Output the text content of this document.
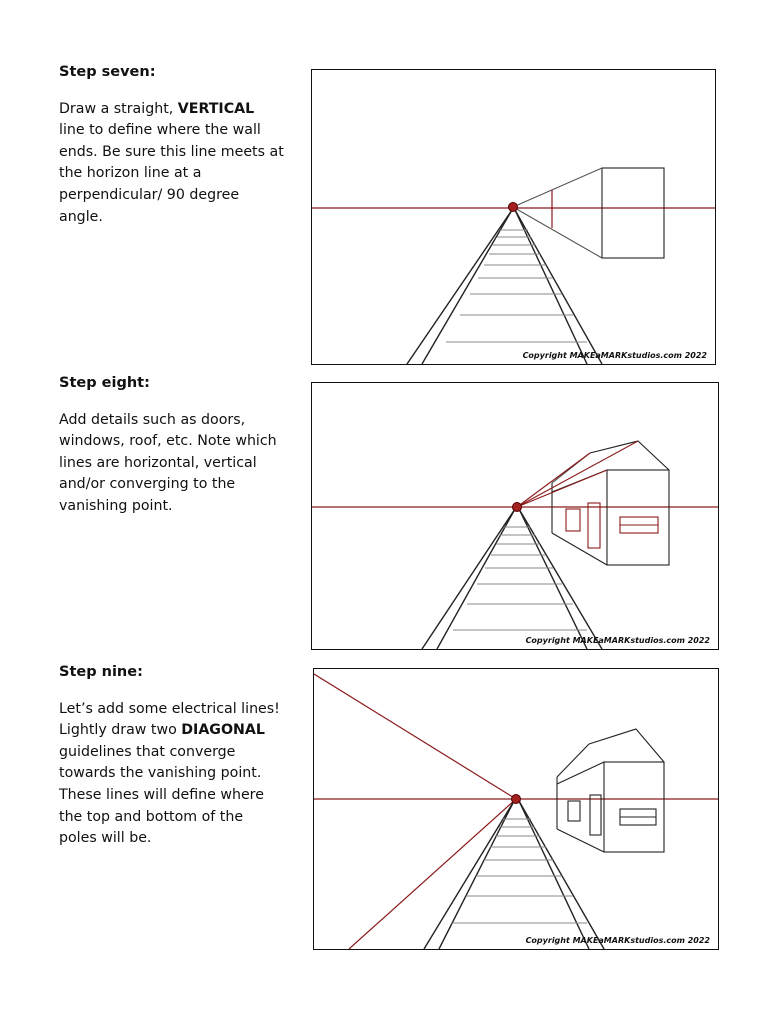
Step seven:

Draw a straight, VERTICAL line to define where the wall ends. Be sure this line meets at the horizon line at a perpendicular/ 90 degree angle.

Copyright MAKEaMARKstudios.com 2022

Step eight:

Add details such as doors, windows, roof, etc. Note which lines are horizontal, vertical and/or converging to the vanishing point.

Copyright MAKEaMARKstudios.com 2022

Step nine:

Let’s add some electrical lines! Lightly draw two DIAGONAL guidelines that converge towards the vanishing point. These lines will define where the top and bottom of the poles will be.

Copyright MAKEaMARKstudios.com 2022
